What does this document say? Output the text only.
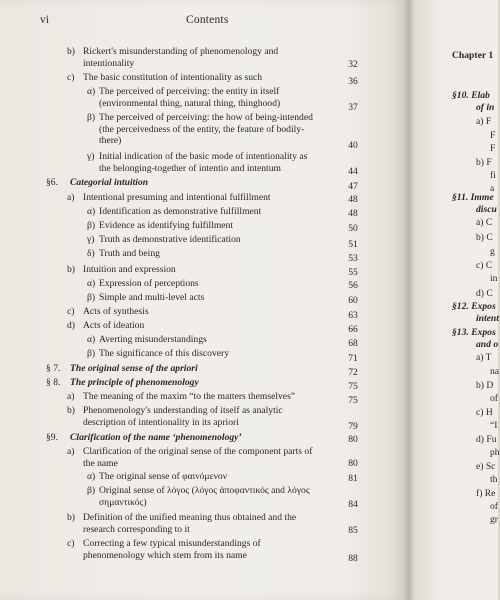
vi	Contents
b) Rickert's misunderstanding of phenomenology and
intentionality	32
c) The basic constitution of intentionality as such	36
α) The perceived of perceiving: the entity in itself
(environmental thing, natural thing, thinghood)	37
β) The perceived of perceiving: the how of being-intended
(the perceivedness of the entity, the feature of bodily-
there)	40
γ) Initial indication of the basic mode of intentionality as
the belonging-together of intentio and intentum	44
§6. Categorial intuition	47
a) Intentional presuming and intentional fulfillment	48
α) Identification as demonstrative fulfillment	48
β) Evidence as identifying fulfillment	50
γ) Truth as demonstrative identification	51
δ) Truth and being	53
b) Intuition and expression	55
α) Expression of perceptions	56
β) Simple and multi-level acts	60
c) Acts of synthesis	63
d) Acts of ideation	66
α) Averting misunderstandings	68
β) The significance of this discovery	71
§ 7. The original sense of the apriori	72
§ 8. The principle of phenomenology	75
a) The meaning of the maxim “to the matters themselves”	75
b) Phenomenology's understanding of itself as analytic
description of intentionality in its apriori	79
§9. Clarification of the name ‘phenomenology’	80
a) Clarification of the original sense of the component parts of
the name	80
α) The original sense of φαινόμενον	81
β) Original sense of λόγος (λόγος ἀποφαντικός and λόγος
σημαντικός)	84
b) Definition of the unified meaning thus obtained and the
research corresponding to it	85
c) Correcting a few typical misunderstandings of
phenomenology which stem from its name	88
Chapter 1
§10. Elab
of in
a) F
F
F
b) F
fi
a
§11. Imme
discu
a) C
b) C
g
c) C
in
d) C
§12. Expos
intent
§13. Expos
and o
a) T
na
b) D
of
c) H
“I
d) Fu
ph
e) Sc
th
f) Re
of
gr
